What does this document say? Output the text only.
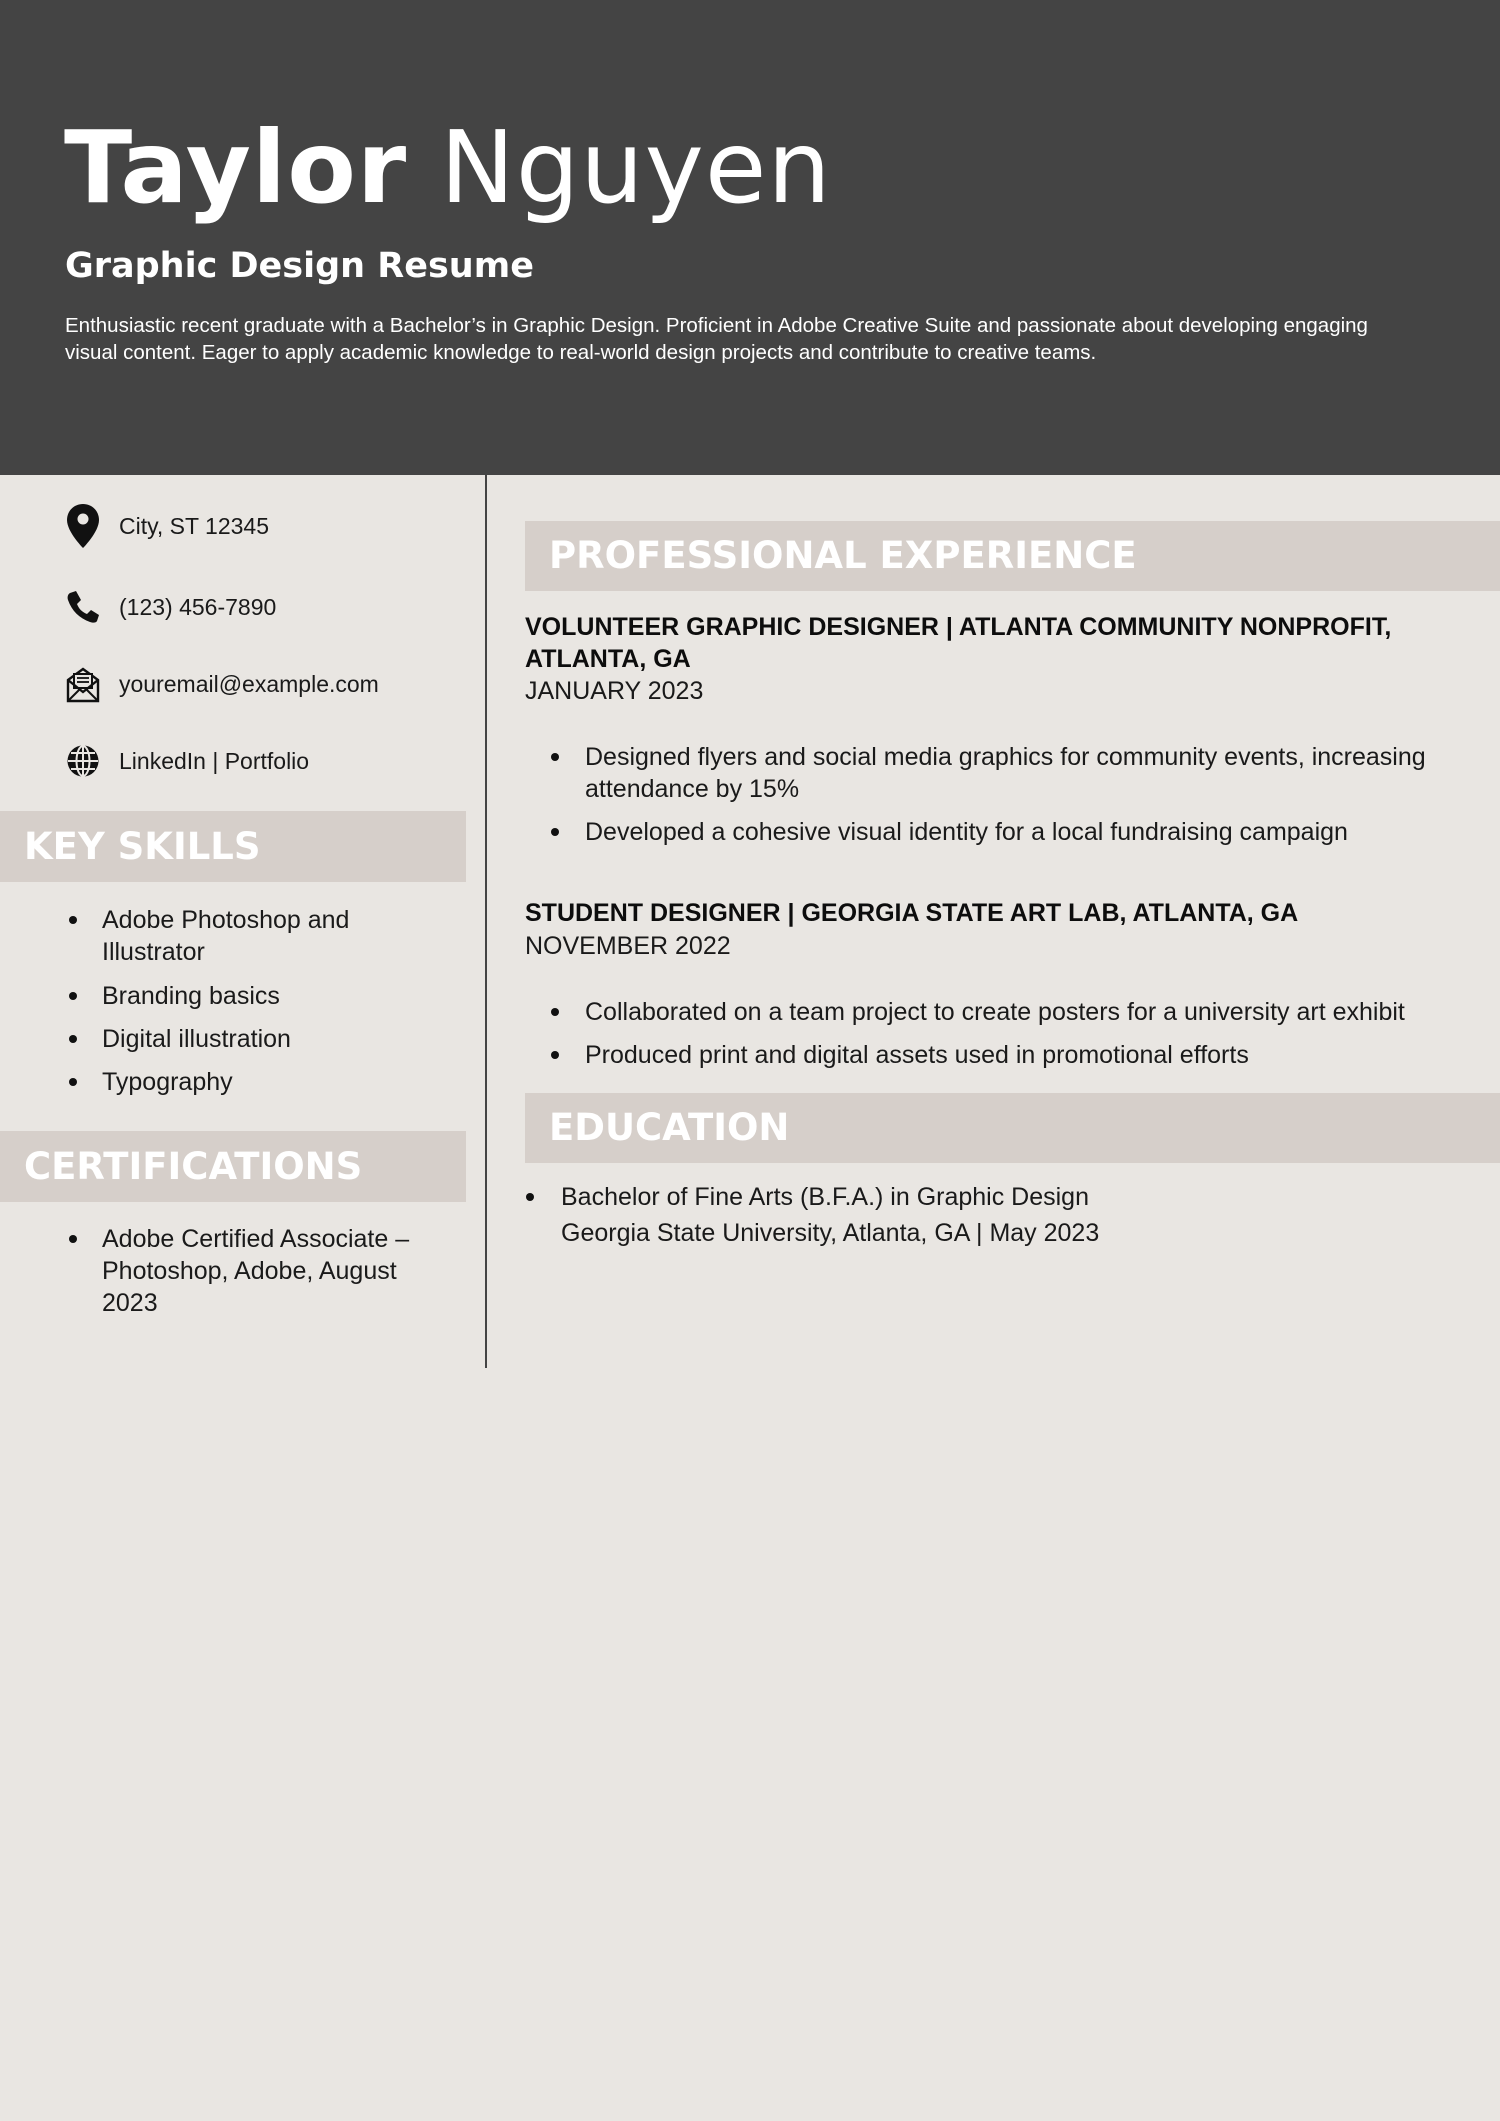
Taylor Nguyen
Graphic Design Resume
Enthusiastic recent graduate with a Bachelor’s in Graphic Design. Proficient in Adobe Creative Suite and passionate about developing engaging visual content. Eager to apply academic knowledge to real-world design projects and contribute to creative teams.
City, ST 12345
(123) 456-7890
youremail@example.com
LinkedIn | Portfolio
KEY SKILLS
Adobe Photoshop and Illustrator
Branding basics
Digital illustration
Typography
CERTIFICATIONS
Adobe Certified Associate – Photoshop, Adobe, August 2023
PROFESSIONAL EXPERIENCE
VOLUNTEER GRAPHIC DESIGNER | ATLANTA COMMUNITY NONPROFIT, ATLANTA, GA
JANUARY 2023
Designed flyers and social media graphics for community events, increasing attendance by 15%
Developed a cohesive visual identity for a local fundraising campaign
STUDENT DESIGNER | GEORGIA STATE ART LAB, ATLANTA, GA
NOVEMBER 2022
Collaborated on a team project to create posters for a university art exhibit
Produced print and digital assets used in promotional efforts
EDUCATION
Bachelor of Fine Arts (B.F.A.) in Graphic Design
Georgia State University, Atlanta, GA | May 2023
